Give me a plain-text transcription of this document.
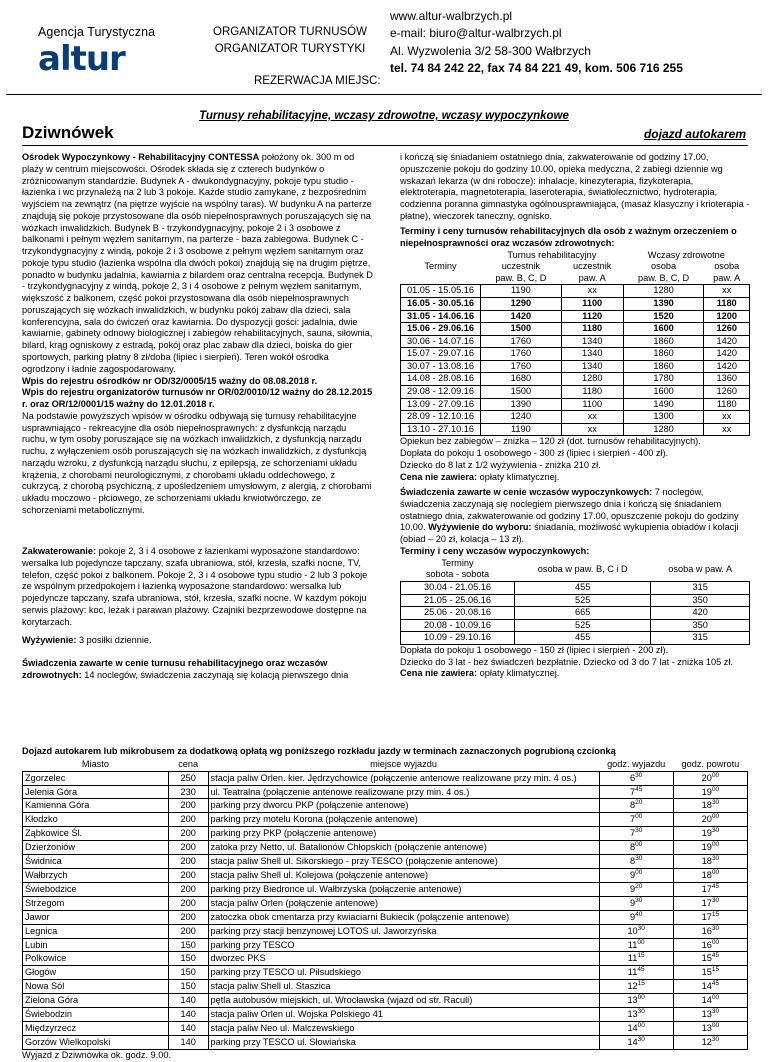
Agencja Turystyczna
altur
ORGANIZATOR TURNUSÓW
ORGANIZATOR TURYSTYKI
REZERWACJA MIEJSC:
www.altur-walbrzych.pl
e-mail: biuro@altur-walbrzych.pl
Al. Wyzwolenia 3/2 58-300 Wałbrzych
tel. 74 84 242 22, fax 74 84 221 49, kom. 506 716 255
Turnusy rehabilitacyjne, wczasy zdrowotne, wczasy wypoczynkowe
Dziwnówek	dojazd autokarem

Ośrodek Wypoczynkowy - Rehabilitacyjny CONTESSA położony ok. 300 m od plaży w centrum miejscowości. Ośrodek składa się z czterech budynków o zróżnicowanym standardzie. Budynek A - dwukondygnacyjny, pokoje typu studio - łazienka i wc przynależą na 2 lub 3 pokoje. Każde studio zamykane, z bezpośrednim wyjściem na zewnątrz (na piętrze wyjście na wspólny taras). W budynku A na parterze znajdują się pokoje przystosowane dla osób niepełnosprawnych poruszających się na wózkach inwalidzkich. Budynek B - trzykondygnacyjny, pokoje 2 i 3 osobowe z balkonami i pełnym węzłem sanitarnym, na parterze - baza zabiegowa. Budynek C - trzykondygnacyjny z windą, pokoje 2 i 3 osobowe z pełnym węzłem sanitarnym oraz pokoje typu studio (łazienka wspólna dla dwóch pokoi) znajdują się na drugim piętrze, ponadto w budynku jadalnia, kawiarnia z bilardem oraz centralna recepcja. Budynek D - trzykondygnacyjny z windą, pokoje 2, 3 i 4 osobowe z pełnym węzłem sanitarnym, większość z balkonem, część pokoi przystosowana dla osób niepełnosprawnych poruszających się wózkach inwalidzkich, w budynku pokój zabaw dla dzieci, sala konferencyjna, sala do ćwiczeń oraz kawiarnia. Do dyspozycji gości: jadalnia, dwie kawiarnie, gabinety odnowy biologicznej i zabiegów rehabilitacyjnych, sauna, siłownia, bilard, krąg ogniskowy z estradą, pokój oraz plac zabaw dla dzieci, boiska do gier sportowych, parking płatny 8 zł/doba (lipiec i sierpień). Teren wokół ośrodka ogrodzony i ładnie zagospodarowany.

Wpis do rejestru ośrodków nr OD/32/0005/15 ważny do 08.08.2018 r.

Wpis do rejestru organizatorów turnusów nr OR/02/0010/12 ważny do 28.12.2015 r. oraz OR/12/0001/15 ważny do 12.01.2018 r.

Na podstawie powyższych wpisów w ośrodku odbywają się turnusy rehabilitacyjne usprawniająco - rekreacyjne dla osób niepełnosprawnych: z dysfunkcją narządu ruchu, w tym osoby poruszające się na wózkach inwalidzkich, z dysfunkcją narządu ruchu, z wyłączeniem osób poruszających się na wózkach inwalidzkich, z dysfunkcją narządu wzroku, z dysfunkcją narządu słuchu, z epilepsją, ze schorzeniami układu krążenia, z chorobami neurologicznymi, z chorobami układu oddechowego, z cukrzycą, z chorobą psychiczną, z upośledzeniem umysłowym, z alergią, z chorobami układu moczowo - płciowego, ze schorzeniami układu krwiotwórczego, ze schorzeniami metabolicznymi.

Zakwaterowanie: pokoje 2, 3 i 4 osobowe z łazienkami wyposażone standardowo: wersalka lub pojedyncze tapczany, szafa ubraniowa, stół, krzesła, szafki nocne, TV, telefon, część pokoi z balkonem. Pokoje 2, 3 i 4 osobowe typu studio - 2 lub 3 pokoje ze wspólnym przedpokojem i łazienką wyposażone standardowo: wersalka lub pojedyncze tapczany, szafa ubraniowa, stół, krzesła, szafki nocne. W każdym pokoju serwis plażowy: koc, leżak i parawan plażowy. Czajniki bezprzewodowe dostępne na korytarzach.

Wyżywienie: 3 posiłki dziennie.

Świadczenia zawarte w cenie turnusu rehabilitacyjnego oraz wczasów zdrowotnych: 14 noclegów, świadczenia zaczynają się kolacją pierwszego dnia

i kończą się śniadaniem ostatniego dnia, zakwaterowanie od godziny 17.00, opuszczenie pokoju do godziny 10.00, opieka medyczna, 2 zabiegi dziennie wg wskazań lekarza (w dni robocze): inhalacje, kinezyterapia, fizykoterapia, elektroterapia, magnetoterapia, laseroterapia, światłolecznictwo, hydroterapia, codzienna poranna gimnastyka ogólnousprawniająca, (masaż klasyczny i krioterapia - płatne), wieczorek taneczny, ognisko.

Terminy i ceny turnusów rehabilitacyjnych dla osób z ważnym orzeczeniem o niepełnosprawności oraz wczasów zdrowotnych:

Terminy	Turnus rehabilitacyjny		Wczasy zdrowotne	
	uczestnik	uczestnik	osoba	osoba
	paw. B, C, D	paw. A	paw. B, C, D	paw. A
01.05 - 15.05.16	1190	xx	1280	xx
16.05 - 30.05.16	1290	1100	1390	1180
31.05 - 14.06.16	1420	1120	1520	1200
15.06 - 29.06.16	1500	1180	1600	1260
30.06 - 14.07.16	1760	1340	1860	1420
15.07 - 29.07.16	1760	1340	1860	1420
30.07 - 13.08.16	1760	1340	1860	1420
14.08 - 28.08.16	1680	1280	1780	1360
29.08 - 12.09.16	1500	1180	1600	1260
13.09 - 27.09.16	1390	1100	1490	1180
28.09 - 12.10.16	1240	xx	1300	xx
13.10 - 27.10.16	1190	xx	1280	xx

Opiekun bez zabiegów – zniżka – 120 zł (dot. turnusów rehabilitacyjnych).

Dopłata do pokoju 1 osobowego - 300 zł (lipiec i sierpień - 400 zł).

Dziecko do 8 lat z 1/2 wyżywienia - zniżka 210 zł.

Cena nie zawiera: opłaty klimatycznej.

Świadczenia zawarte w cenie wczasów wypoczynkowych: 7 noclegów, świadczenia zaczynają się noclegiem pierwszego dnia i kończą się śniadaniem ostatniego dnia, zakwaterowanie od godziny 17.00, opuszczenie pokoju do godziny 10.00. Wyżywienie do wyboru: śniadania, możliwość wykupienia obiadów i kolacji (obiad – 20 zł, kolacja – 13 zł).

Terminy i ceny wczasów wypoczynkowych:

Terminy
sobota - sobota	osoba w paw. B, C i D	osoba w paw. A
30.04 - 21.05.16	455	315
21.05 - 25.06.16	525	350
25.06 - 20.08.16	665	420
20.08 - 10.09.16	525	350
10.09 - 29.10.16	455	315

Dopłata do pokoju 1 osobowego - 150 zł (lipiec i sierpień - 200 zł).

Dziecko do 3 lat - bez świadczeń bezpłatnie. Dziecko od 3 do 7 lat - zniżka 105 zł.

Cena nie zawiera: opłaty klimatycznej.

Dojazd autokarem lub mikrobusem za dodatkową opłatą wg poniższego rozkładu jazdy w terminach zaznaczonych pogrubioną czcionką

Miasto	cena	miejsce wyjazdu	godz. wyjazdu	godz. powrotu
Zgorzelec	250	stacja paliw Orlen. kier. Jędrzychowice (połączenie antenowe realizowane przy min. 4 os.)	$6^{30}$	$20^{00}$
Jelenia Góra	230	ul. Teatralna (połączenie antenowe realizowane przy min. 4 os.)	$7^{45}$	$19^{00}$
Kamienna Góra	200	parking przy dworcu PKP (połączenie antenowe)	$8^{20}$	$18^{30}$
Kłodzko	200	parking przy motelu Korona (połączenie antenowe)	$7^{00}$	$20^{00}$
Ząbkowice Śl.	200	parking przy PKP (połączenie antenowe)	$7^{30}$	$19^{30}$
Dzierżoniów	200	zatoka przy Netto, ul. Batalionów Chłopskich (połączenie antenowe)	$8^{00}$	$19^{00}$
Świdnica	200	stacja paliw Shell ul. Sikorskiego - przy TESCO (połączenie antenowe)	$8^{30}$	$18^{30}$
Wałbrzych	200	stacja paliw Shell ul. Kolejowa (połączenie antenowe)	$9^{00}$	$18^{00}$
Świebodzice	200	parking przy Biedronce ul. Wałbrzyska (połączenie antenowe)	$9^{20}$	$17^{45}$
Strzegom	200	stacja paliw Orlen (połączenie antenowe)	$9^{30}$	$17^{30}$
Jawor	200	zatoczka obok cmentarza przy kwiaciarni Bukiecik (połączenie antenowe)	$9^{40}$	$17^{15}$
Legnica	200	parking przy stacji benzynowej LOTOS ul. Jaworzyńska	$10^{30}$	$16^{30}$
Lubin	150	parking przy TESCO	$11^{00}$	$16^{00}$
Polkowice	150	dworzec PKS	$11^{15}$	$15^{45}$
Głogów	150	parking przy TESCO ul. Piłsudskiego	$11^{45}$	$15^{15}$
Nowa Sól	150	stacja paliw Shell ul. Staszica	$12^{15}$	$14^{45}$
Zielona Góra	140	pętla autobusów miejskich, ul. Wrocławska (wjazd od str. Raculi)	$13^{00}$	$14^{00}$
Świebodzin	140	stacja paliw Orlen ul. Wojska Polskiego 41	$13^{30}$	$13^{30}$
Międzyrzecz	140	stacja paliw Neo ul. Malczewskiego	$14^{00}$	$13^{00}$
Gorzów Wielkopolski	140	parking przy TESCO ul. Słowiańska	$14^{30}$	$12^{30}$

Wyjazd z Dziwnówka ok. godz. 9.00.
